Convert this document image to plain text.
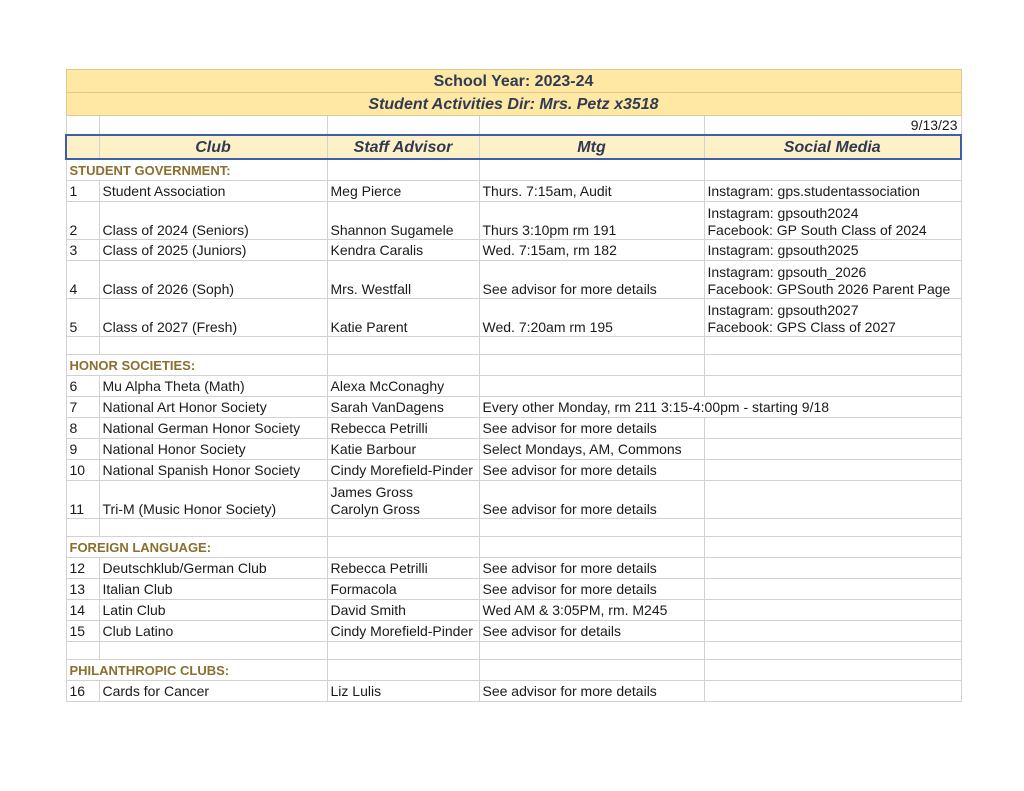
School Year: 2023-24				
Student Activities Dir: Mrs. Petz x3518				
				9/13/23
	Club	Staff Advisor	Mtg	Social Media
STUDENT GOVERNMENT:				
1	Student Association	Meg Pierce	Thurs. 7:15am, Audit	Instagram: gps.studentassociation

2	Class of 2024 (Seniors)	Shannon Sugamele	Thurs 3:10pm rm 191	Instagram: gpsouth2024
Facebook: GP South Class of 2024

3	Class of 2025 (Juniors)	Kendra Caralis	Wed. 7:15am, rm 182	Instagram: gpsouth2025

4	Class of 2026 (Soph)	Mrs. Westfall	See advisor for more details	Instagram: gpsouth_2026
Facebook: GPSouth 2026 Parent Page

5	Class of 2027 (Fresh)	Katie Parent	Wed. 7:20am rm 195	Instagram: gpsouth2027
Facebook: GPS Class of 2027

HONOR SOCIETIES:				
6	Mu Alpha Theta (Math)	Alexa McConaghy		
7	National Art Honor Society	Sarah VanDagens	Every other Monday, rm 211 3:15-4:00pm - starting 9/18	
8	National German Honor Society	Rebecca Petrilli	See advisor for more details	
9	National Honor Society	Katie Barbour	Select Mondays, AM, Commons	
10	National Spanish Honor Society	Cindy Morefield-Pinder	See advisor for more details	
11	Tri-M (Music Honor Society)	James Gross
Carolyn Gross	See advisor for more details	

FOREIGN LANGUAGE:				
12	Deutschklub/German Club	Rebecca Petrilli	See advisor for more details	
13	Italian Club	Formacola	See advisor for more details	
14	Latin Club	David Smith	Wed AM & 3:05PM, rm. M245	
15	Club Latino	Cindy Morefield-Pinder	See advisor for details	

PHILANTHROPIC CLUBS:				
16	Cards for Cancer	Liz Lulis	See advisor for more details	
